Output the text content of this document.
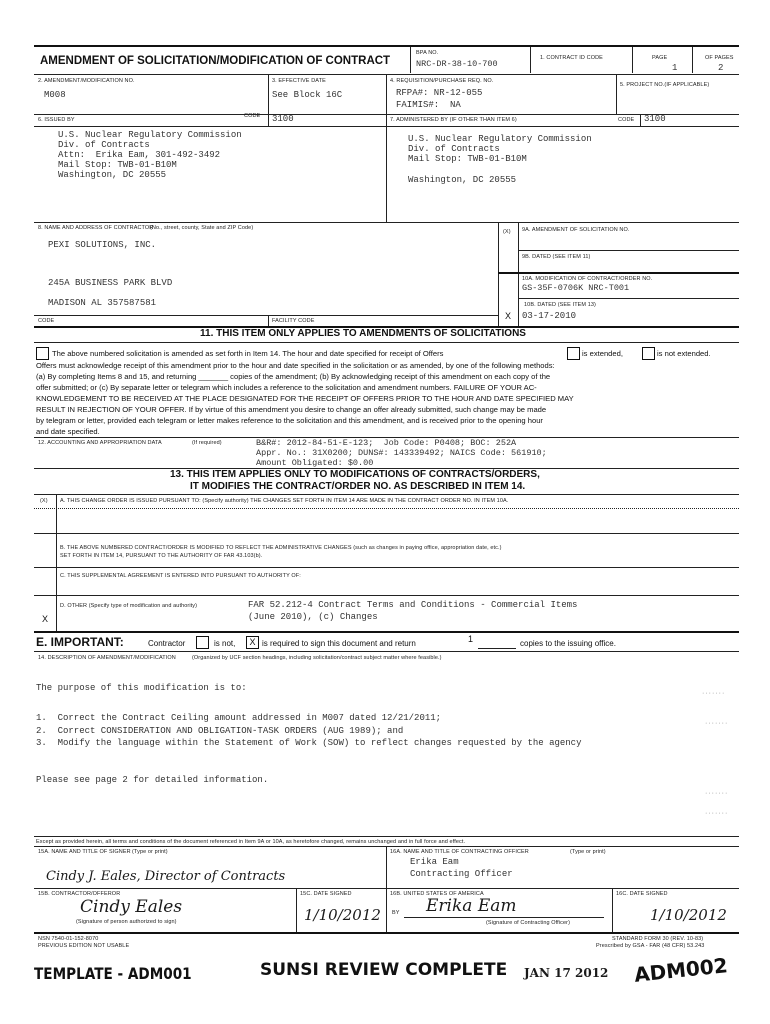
AMENDMENT OF SOLICITATION/MODIFICATION OF CONTRACT
BPA NO.
NRC-DR-38-10-700
1. CONTRACT ID CODE	PAGE
1
OF PAGES
2
2. AMENDMENT/MODIFICATION NO.
M008
3. EFFECTIVE DATE
See Block 16C
4. REQUISITION/PURCHASE REQ. NO.
RFPA#: NR-12-055
FAIMIS#:  NA
5. PROJECT NO.(IF APPLICABLE)
6. ISSUED BY
CODE 3100
U.S. Nuclear Regulatory Commission
Div. of Contracts
Attn:  Erika Eam, 301-492-3492
Mail Stop: TWB-01-B10M
Washington, DC 20555
7. ADMINISTERED BY (IF OTHER THAN ITEM 6)	CODE 3100
U.S. Nuclear Regulatory Commission
Div. of Contracts
Mail Stop: TWB-01-B10M
Washington, DC 20555
8. NAME AND ADDRESS OF CONTRACTOR
(No., street, county, State and ZIP Code)
PEXI SOLUTIONS, INC.
245A BUSINESS PARK BLVD
MADISON AL 357587581
(X) 9A. AMENDMENT OF SOLICITATION NO.
9B. DATED (SEE ITEM 11)
10A. MODIFICATION OF CONTRACT/ORDER NO.
GS-35F-0706K NRC-T001
10B. DATED (SEE ITEM 13)
03-17-2010
X
CODE	FACILITY CODE
11. THIS ITEM ONLY APPLIES TO AMENDMENTS OF SOLICITATIONS
The above numbered solicitation is amended as set forth in Item 14. The hour and date specified for receipt of Offers	is extended,	is not extended.
Offers must acknowledge receipt of this amendment prior to the hour and date specified in the solicitation or as amended, by one of the following methods:
(a) By completing Items 8 and 15, and returning _______ copies of the amendment; (b) By acknowledging receipt of this amendment on each copy of the
offer submitted; or (c) By separate letter or telegram which includes a reference to the solicitation and amendment numbers. FAILURE OF YOUR AC-
KNOWLEDGEMENT TO BE RECEIVED AT THE PLACE DESIGNATED FOR THE RECEIPT OF OFFERS PRIOR TO THE HOUR AND DATE SPECIFIED MAY
RESULT IN REJECTION OF YOUR OFFER. If by virtue of this amendment you desire to change an offer already submitted, such change may be made
by telegram or letter, provided each telegram or letter makes reference to the solicitation and this amendment, and is received prior to the opening hour
and date specified.
12. ACCOUNTING AND APPROPRIATION DATA	(If required)	B&R#: 2012-84-51-E-123;  Job Code: P0408; BOC: 252A
Appr. No.: 31X0200; DUNS#: 143339492; NAICS Code: 561910;
Amount Obligated: $0.00
13. THIS ITEM APPLIES ONLY TO MODIFICATIONS OF CONTRACTS/ORDERS,
IT MODIFIES THE CONTRACT/ORDER NO. AS DESCRIBED IN ITEM 14.
(X) A. THIS CHANGE ORDER IS ISSUED PURSUANT TO: (Specify authority) THE CHANGES SET FORTH IN ITEM 14 ARE MADE IN THE CONTRACT ORDER NO. IN ITEM 10A.
B. THE ABOVE NUMBERED CONTRACT/ORDER IS MODIFIED TO REFLECT THE ADMINISTRATIVE CHANGES (such as changes in paying office, appropriation date, etc.)
SET FORTH IN ITEM 14, PURSUANT TO THE AUTHORITY OF FAR 43.103(b).
C. THIS SUPPLEMENTAL AGREEMENT IS ENTERED INTO PURSUANT TO AUTHORITY OF:
D. OTHER (Specify type of modification and authority)	FAR 52.212-4 Contract Terms and Conditions - Commercial Items
(June 2010), (c) Changes
X
E. IMPORTANT:	Contractor	is not,	X is required to sign this document and return	1	copies to the issuing office.
14. DESCRIPTION OF AMENDMENT/MODIFICATION	(Organized by UCF section headings, including solicitation/contract subject matter where feasible.)
The purpose of this modification is to:
1.  Correct the Contract Ceiling amount addressed in M007 dated 12/21/2011;
2.  Correct CONSIDERATION AND OBLIGATION-TASK ORDERS (AUG 1989); and
3.  Modify the language within the Statement of Work (SOW) to reflect changes requested by the agency
Please see page 2 for detailed information.
·······
·······
·······
·······
Except as provided herein, all terms and conditions of the document referenced in Item 9A or 10A, as heretofore changed, remains unchanged and in full force and effect.
15A. NAME AND TITLE OF SIGNER (Type or print)
Cindy J. Eales, Director of Contracts
16A. NAME AND TITLE OF CONTRACTING OFFICER	(Type or print)
Erika Eam
Contracting Officer
15B. CONTRACTOR/OFFEROR
Cindy Eales
(Signature of person authorized to sign)
15C. DATE SIGNED
1/10/2012
16B. UNITED STATES OF AMERICA
BY Erika Eam
(Signature of Contracting Officer)
16C. DATE SIGNED
1/10/2012
NSN 7540-01-152-8070
PREVIOUS EDITION NOT USABLE
STANDARD FORM 30 (REV. 10-83)
Prescribed by GSA - FAR (48 CFR) 53.243
TEMPLATE - ADM001	SUNSI REVIEW COMPLETE JAN 17 2012 ADM002
